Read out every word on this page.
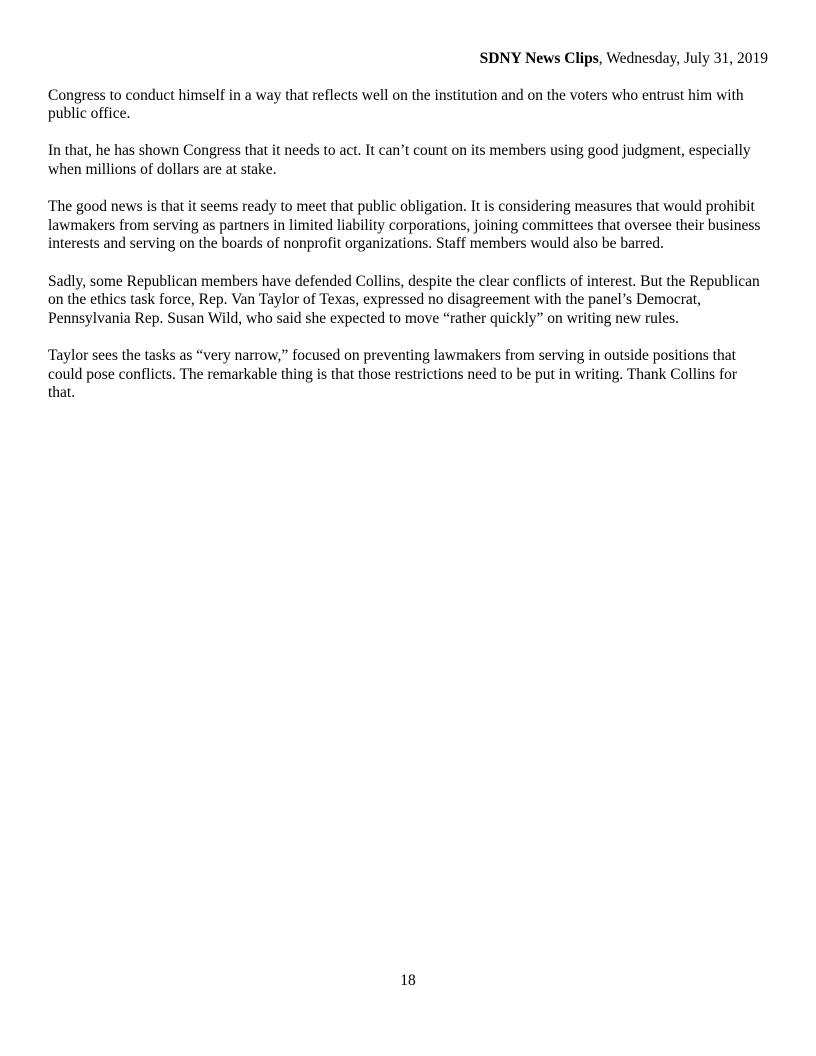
SDNY News Clips, Wednesday, July 31, 2019

Congress to conduct himself in a way that reflects well on the institution and on the voters who entrust him with public office.

In that, he has shown Congress that it needs to act. It can’t count on its members using good judgment, especially when millions of dollars are at stake.

The good news is that it seems ready to meet that public obligation. It is considering measures that would prohibit lawmakers from serving as partners in limited liability corporations, joining committees that oversee their business interests and serving on the boards of nonprofit organizations. Staff members would also be barred.

Sadly, some Republican members have defended Collins, despite the clear conflicts of interest. But the Republican on the ethics task force, Rep. Van Taylor of Texas, expressed no disagreement with the panel’s Democrat, Pennsylvania Rep. Susan Wild, who said she expected to move “rather quickly” on writing new rules.

Taylor sees the tasks as “very narrow,” focused on preventing lawmakers from serving in outside positions that could pose conflicts. The remarkable thing is that those restrictions need to be put in writing. Thank Collins for that.

18
